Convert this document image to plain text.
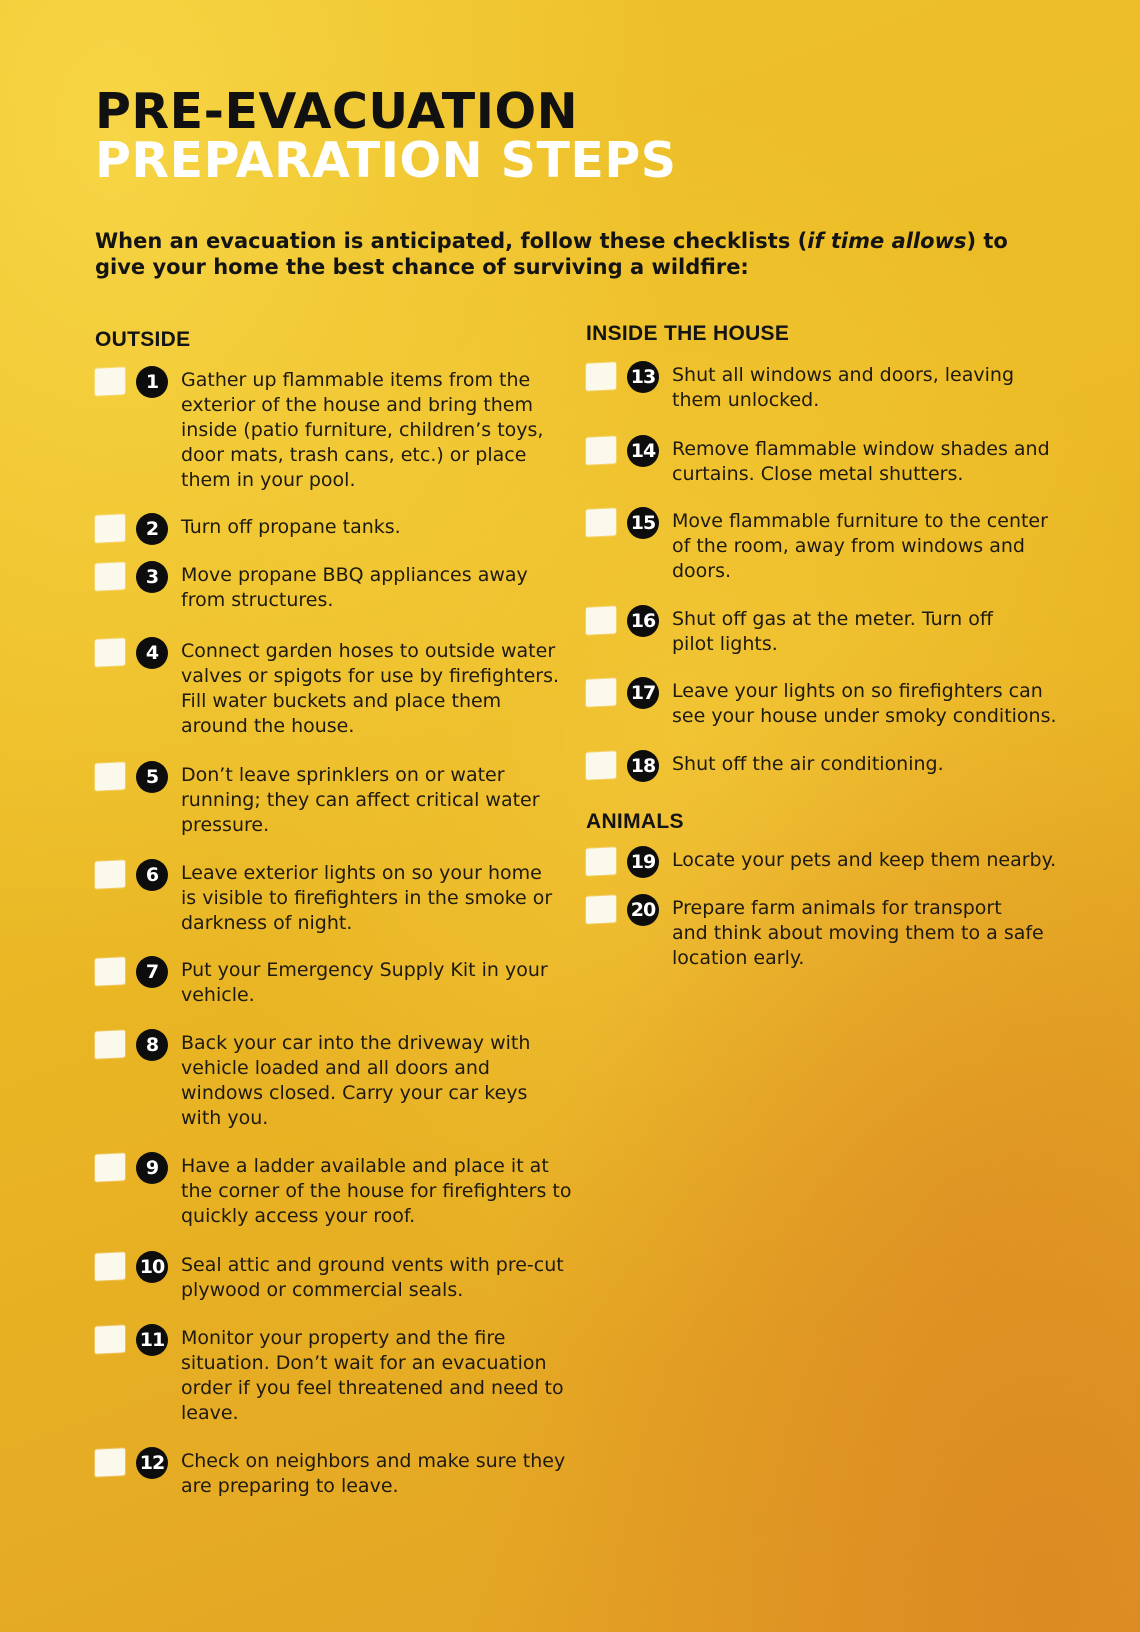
PRE-EVACUATION
PREPARATION STEPS

When an evacuation is anticipated, follow these checklists (if time allows) to give your home the best chance of surviving a wildfire:

OUTSIDE	INSIDE THE HOUSE
ANIMALS
1	Gather up flammable items from the
exterior of the house and bring them
inside (patio furniture, children’s toys,
door mats, trash cans, etc.) or place
them in your pool.

2	Turn off propane tanks.

3	Move propane BBQ appliances away
from structures.

4	Connect garden hoses to outside water
valves or spigots for use by firefighters.
Fill water buckets and place them
around the house.

5	Don’t leave sprinklers on or water
running; they can affect critical water
pressure.

6	Leave exterior lights on so your home
is visible to firefighters in the smoke or
darkness of night.

7	Put your Emergency Supply Kit in your
vehicle.

8	Back your car into the driveway with
vehicle loaded and all doors and
windows closed. Carry your car keys
with you.

9	Have a ladder available and place it at
the corner of the house for firefighters to
quickly access your roof.

10 Seal attic and ground vents with pre-cut
plywood or commercial seals.

11 Monitor your property and the fire
situation. Don’t wait for an evacuation
order if you feel threatened and need to
leave.

12 Check on neighbors and make sure they
are preparing to leave.

13 Shut all windows and doors, leaving
them unlocked.

14 Remove flammable window shades and
curtains. Close metal shutters.

15 Move flammable furniture to the center
of the room, away from windows and
doors.

16 Shut off gas at the meter. Turn off
pilot lights.

17 Leave your lights on so firefighters can
see your house under smoky conditions.

18 Shut off the air conditioning.

19 Locate your pets and keep them nearby.

20 Prepare farm animals for transport
and think about moving them to a safe
location early.
